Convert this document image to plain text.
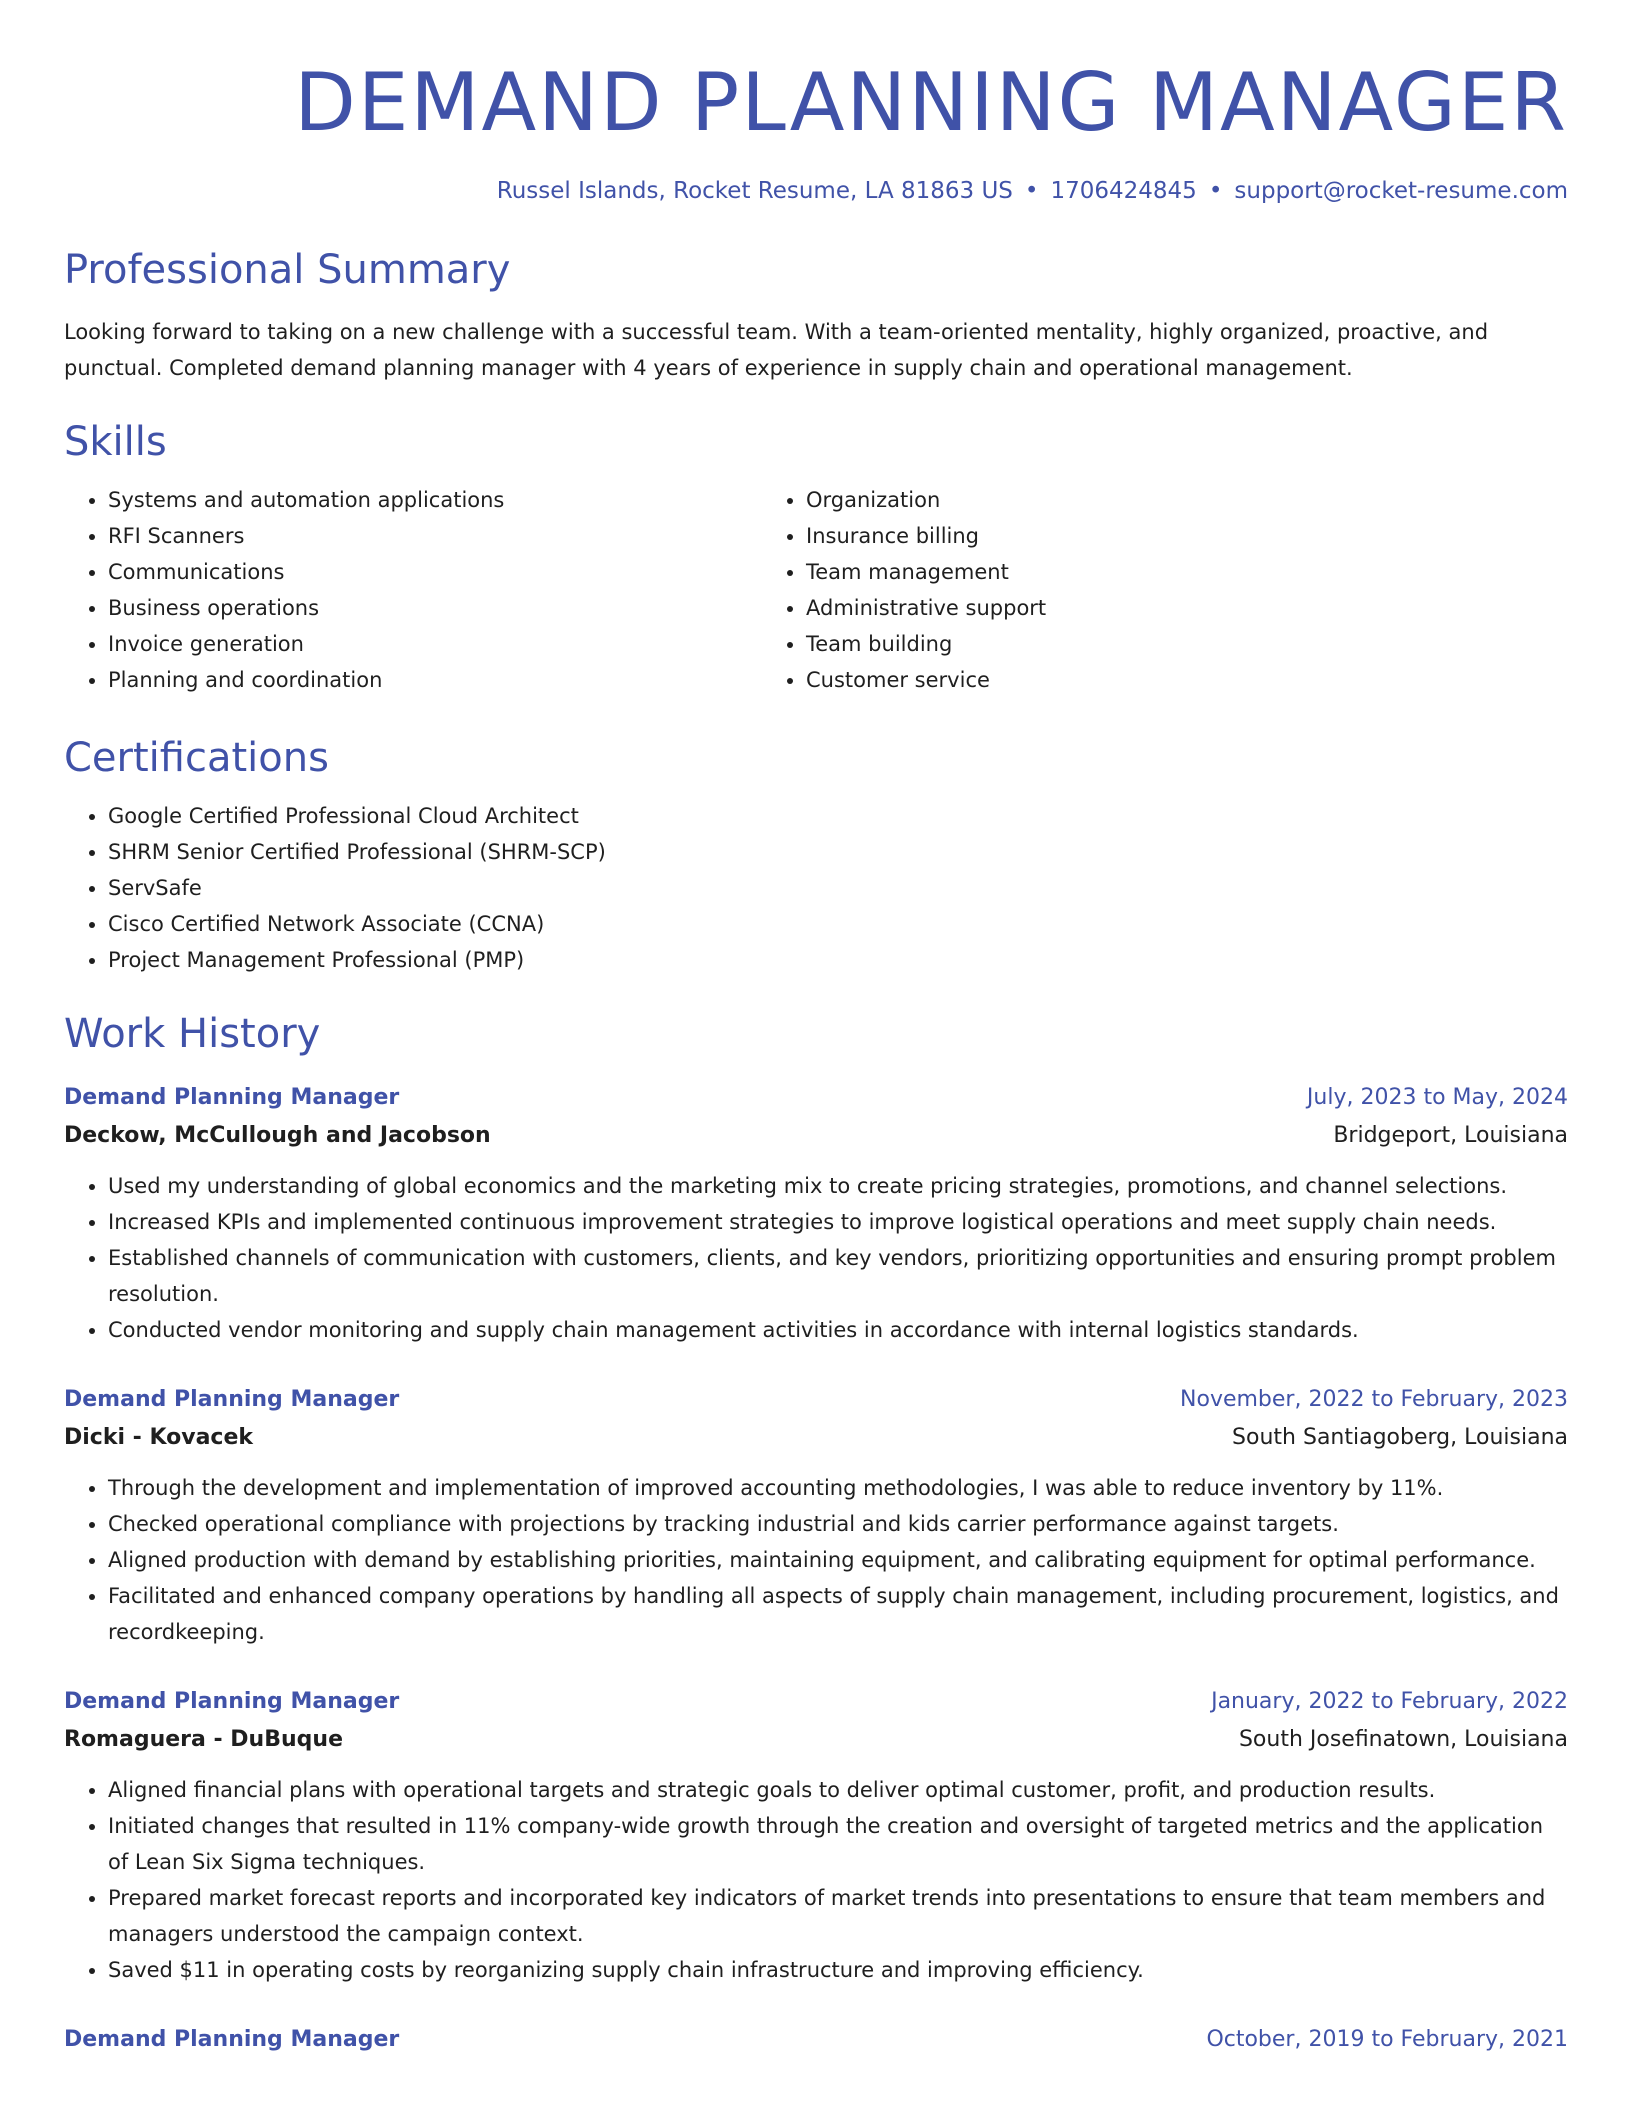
DEMAND PLANNING MANAGER
Russel Islands, Rocket Resume, LA 81863 US • 1706424845 • support@rocket-resume.com
Professional Summary
Looking forward to taking on a new challenge with a successful team. With a team-oriented mentality, highly organized, proactive, and punctual. Completed demand planning manager with 4 years of experience in supply chain and operational management.
Skills
• Systems and automation applications
• RFI Scanners
• Communications
• Business operations
• Invoice generation
• Planning and coordination
• Organization
• Insurance billing
• Team management
• Administrative support
• Team building
• Customer service
Certifications
• Google Certified Professional Cloud Architect
• SHRM Senior Certified Professional (SHRM-SCP)
• ServSafe
• Cisco Certified Network Associate (CCNA)
• Project Management Professional (PMP)
Work History
Demand Planning Manager	July, 2023 to May, 2024
Deckow, McCullough and Jacobson	Bridgeport, Louisiana
• Used my understanding of global economics and the marketing mix to create pricing strategies, promotions, and channel selections.
• Increased KPIs and implemented continuous improvement strategies to improve logistical operations and meet supply chain needs.
• Established channels of communication with customers, clients, and key vendors, prioritizing opportunities and ensuring prompt problem resolution.
• Conducted vendor monitoring and supply chain management activities in accordance with internal logistics standards.
Demand Planning Manager	November, 2022 to February, 2023
Dicki - Kovacek	South Santiagoberg, Louisiana
• Through the development and implementation of improved accounting methodologies, I was able to reduce inventory by 11%.
• Checked operational compliance with projections by tracking industrial and kids carrier performance against targets.
• Aligned production with demand by establishing priorities, maintaining equipment, and calibrating equipment for optimal performance.
• Facilitated and enhanced company operations by handling all aspects of supply chain management, including procurement, logistics, and recordkeeping.
Demand Planning Manager	January, 2022 to February, 2022
Romaguera - DuBuque	South Josefinatown, Louisiana
• Aligned financial plans with operational targets and strategic goals to deliver optimal customer, profit, and production results.
• Initiated changes that resulted in 11% company-wide growth through the creation and oversight of targeted metrics and the application of Lean Six Sigma techniques.
• Prepared market forecast reports and incorporated key indicators of market trends into presentations to ensure that team members and managers understood the campaign context.
• Saved $11 in operating costs by reorganizing supply chain infrastructure and improving efficiency.
Demand Planning Manager	October, 2019 to February, 2021
